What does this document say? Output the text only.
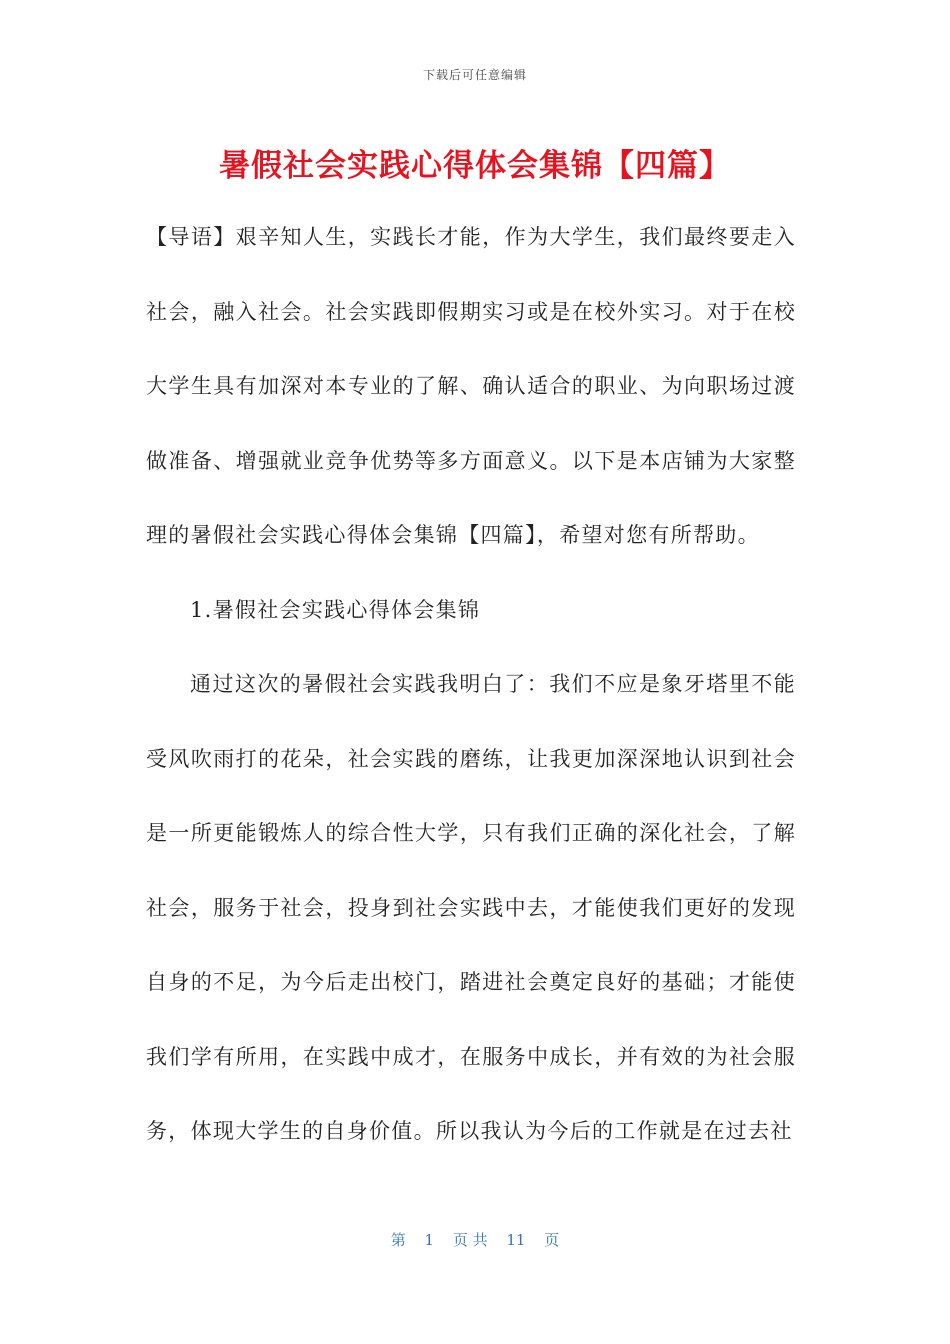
下载后可任意编辑
暑假社会实践心得体会集锦【四篇】

【导语】艰辛知人生，实践长才能，作为大学生，我们最终要走入社会，融入社会。社会实践即假期实习或是在校外实习。对于在校大学生具有加深对本专业的了解、确认适合的职业、为向职场过渡做准备、增强就业竞争优势等多方面意义。以下是本店铺为大家整理的暑假社会实践心得体会集锦【四篇】，希望对您有所帮助。

1.暑假社会实践心得体会集锦

通过这次的暑假社会实践我明白了：我们不应是象牙塔里不能受风吹雨打的花朵，社会实践的磨练，让我更加深深地认识到社会是一所更能锻炼人的综合性大学，只有我们正确的深化社会，了解社会，服务于社会，投身到社会实践中去，才能使我们更好的发现自身的不足，为今后走出校门，踏进社会奠定良好的基础；才能使我们学有所用，在实践中成才，在服务中成长，并有效的为社会服务，体现大学生的自身价值。所以我认为今后的工作就是在过去社

第 1 页 共 11 页
